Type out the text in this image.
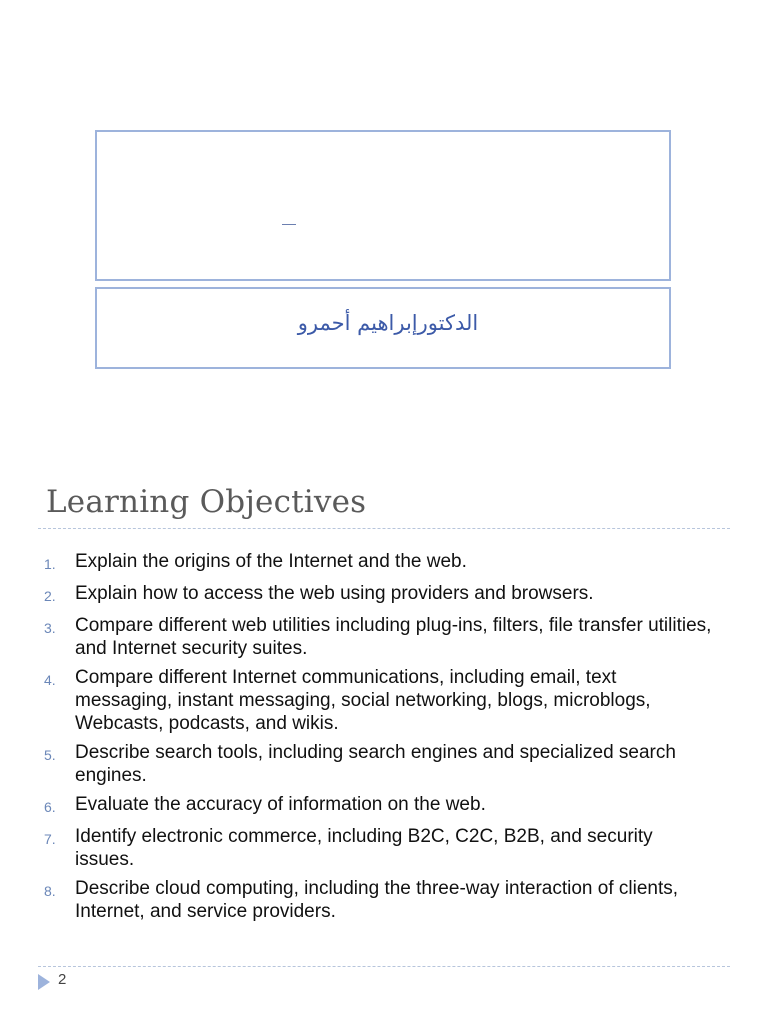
الدكتورإبراهيم أحمرو
Learning Objectives
1.	Explain the origins of the Internet and the web.
2.	Explain how to access the web using providers and browsers.
3.	Compare different web utilities including plug-ins, filters, file transfer utilities, and Internet security suites.
4.	Compare different Internet communications, including email, text messaging, instant messaging, social networking, blogs, microblogs, Webcasts, podcasts, and wikis.
5.	Describe search tools, including search engines and specialized search engines.
6.	Evaluate the accuracy of information on the web.
7.	Identify electronic commerce, including B2C, C2C, B2B, and security issues.
8.	Describe cloud computing, including the three-way interaction of clients, Internet, and service providers.
2
